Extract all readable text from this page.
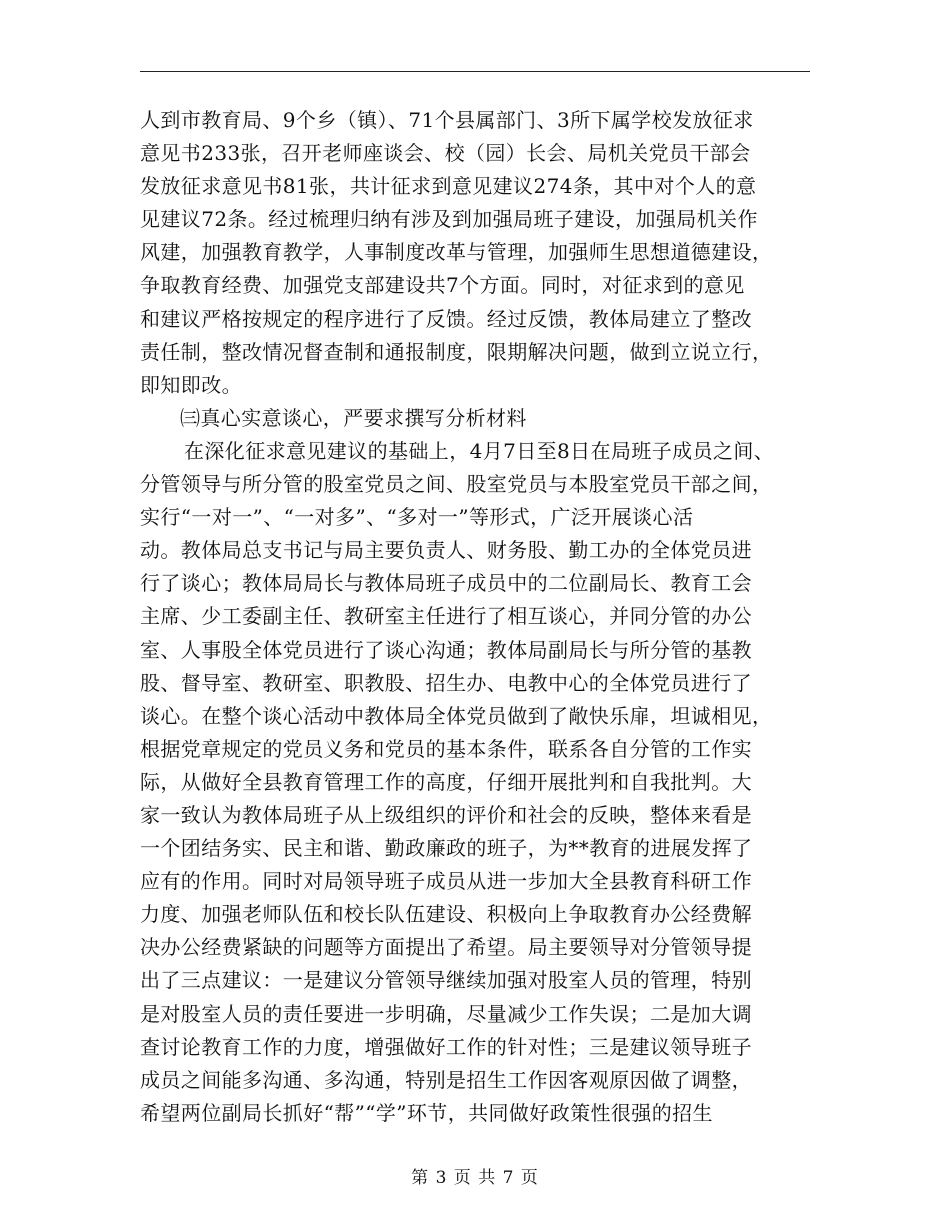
人到市教育局、9个乡（镇）、71个县属部门、3所下属学校发放征求
意见书233张，召开老师座谈会、校（园）长会、局机关党员干部会
发放征求意见书81张，共计征求到意见建议274条，其中对个人的意
见建议72条。经过梳理归纳有涉及到加强局班子建设，加强局机关作
风建，加强教育教学，人事制度改革与管理，加强师生思想道德建设，
争取教育经费、加强党支部建设共7个方面。同时，对征求到的意见
和建议严格按规定的程序进行了反馈。经过反馈，教体局建立了整改
责任制，整改情况督查制和通报制度，限期解决问题，做到立说立行，
即知即改。
㈢真心实意谈心，严要求撰写分析材料
在深化征求意见建议的基础上，4月7日至8日在局班子成员之间、
分管领导与所分管的股室党员之间、股室党员与本股室党员干部之间，
实行“一对一”、“一对多”、“多对一”等形式，广泛开展谈心活
动。教体局总支书记与局主要负责人、财务股、勤工办的全体党员进
行了谈心；教体局局长与教体局班子成员中的二位副局长、教育工会
主席、少工委副主任、教研室主任进行了相互谈心，并同分管的办公
室、人事股全体党员进行了谈心沟通；教体局副局长与所分管的基教
股、督导室、教研室、职教股、招生办、电教中心的全体党员进行了
谈心。在整个谈心活动中教体局全体党员做到了敞快乐扉，坦诚相见，
根据党章规定的党员义务和党员的基本条件，联系各自分管的工作实
际，从做好全县教育管理工作的高度，仔细开展批判和自我批判。大
家一致认为教体局班子从上级组织的评价和社会的反映，整体来看是
一个团结务实、民主和谐、勤政廉政的班子，为**教育的进展发挥了
应有的作用。同时对局领导班子成员从进一步加大全县教育科研工作
力度、加强老师队伍和校长队伍建设、积极向上争取教育办公经费解
决办公经费紧缺的问题等方面提出了希望。局主要领导对分管领导提
出了三点建议：一是建议分管领导继续加强对股室人员的管理，特别
是对股室人员的责任要进一步明确，尽量减少工作失误；二是加大调
查讨论教育工作的力度，增强做好工作的针对性；三是建议领导班子
成员之间能多沟通、多沟通，特别是招生工作因客观原因做了调整，
希望两位副局长抓好“帮”“学”环节，共同做好政策性很强的招生
第 3 页 共 7 页
